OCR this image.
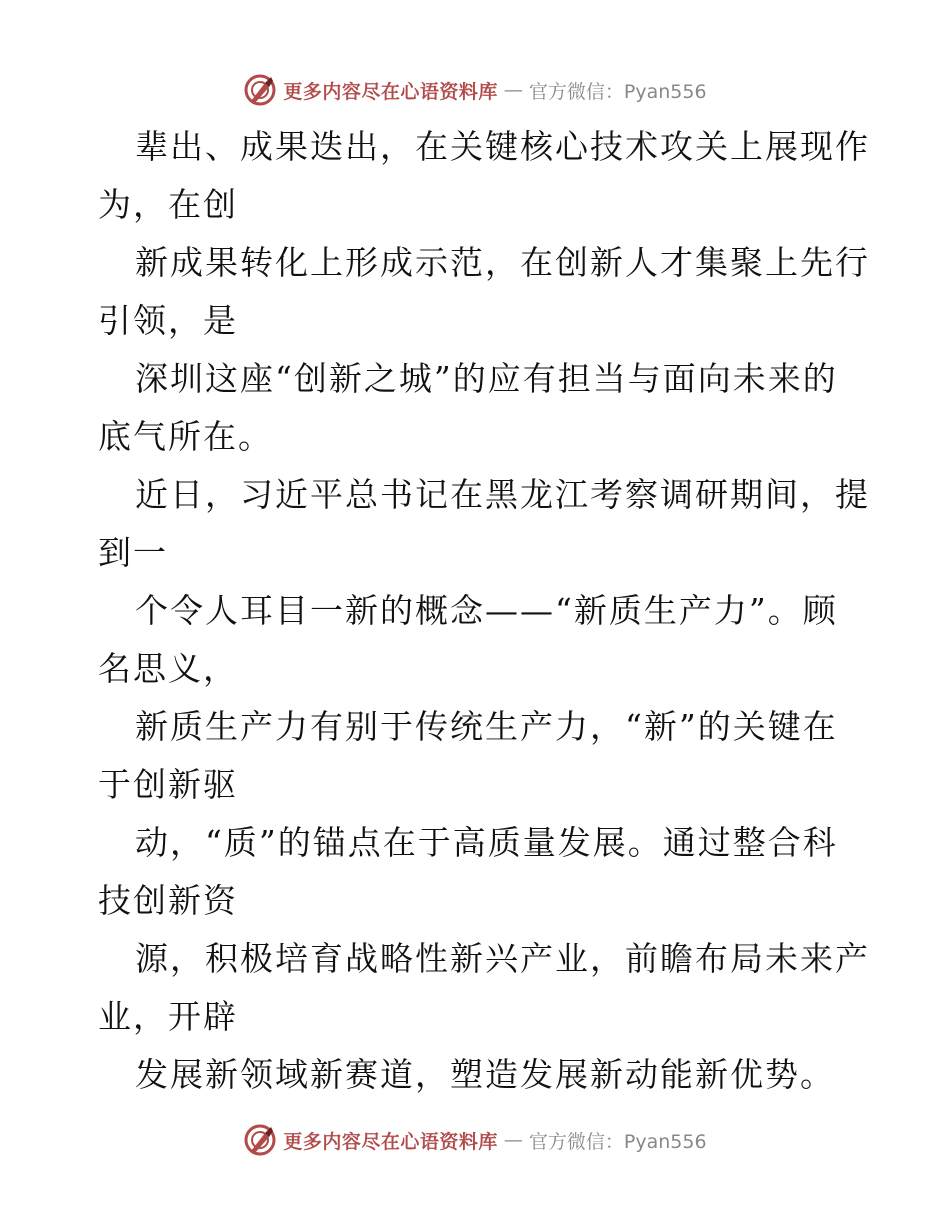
更多内容尽在心语资料库 — 官方微信：Pyan556
辈出、成果迭出，在关键核心技术攻关上展现作
为，在创
新成果转化上形成示范，在创新人才集聚上先行
引领，是
深圳这座“创新之城”的应有担当与面向未来的
底气所在。
近日，习近平总书记在黑龙江考察调研期间，提
到一
个令人耳目一新的概念——“新质生产力”。顾
名思义，
新质生产力有别于传统生产力，“新”的关键在
于创新驱
动，“质”的锚点在于高质量发展。通过整合科
技创新资
源，积极培育战略性新兴产业，前瞻布局未来产
业，开辟
发展新领域新赛道，塑造发展新动能新优势。
更多内容尽在心语资料库 — 官方微信：Pyan556
